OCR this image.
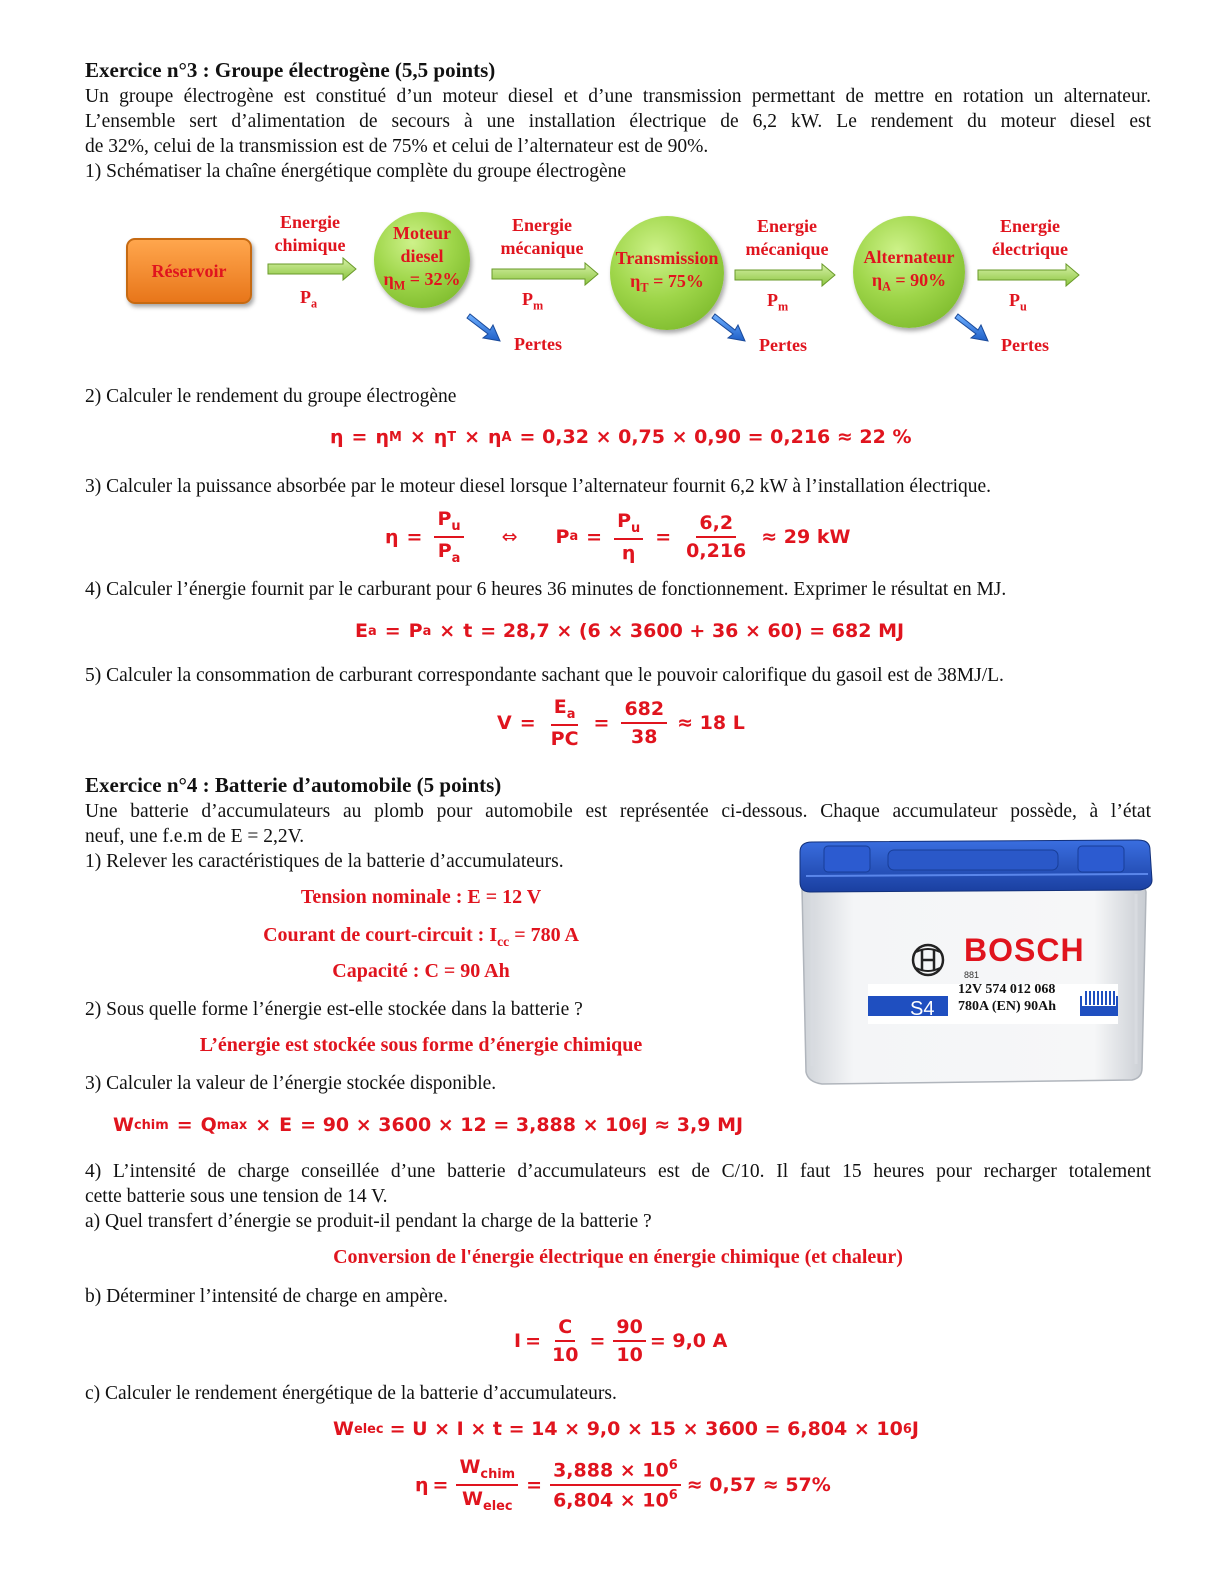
Exercice n°3 : Groupe électrogène (5,5 points)
Un groupe électrogène est constitué d’un moteur diesel et d’une transmission permettant de mettre en rotation un alternateur.
L’ensemble sert d’alimentation de secours à une installation électrique de 6,2 kW. Le rendement du moteur diesel est
de 32%, celui de la transmission est de 75% et celui de l’alternateur est de 90%.
1) Schématiser la chaîne énergétique complète du groupe électrogène
Réservoir
Energie
chimique
$P_a$
Moteur
diesel
$\eta_M = 32\%$
Energie
mécanique
$P_m$
Pertes
Transmission
$\eta_T = 75\%$
Energie
mécanique
$P_m$
Pertes
Alternateur
$\eta_A = 90\%$
Energie
électrique
$P_u$
Pertes
2) Calculer le rendement du groupe électrogène
η = η M × η T × η A = 0,32 × 0,75 × 0,90 = 0,216 ≈ 22 %
3) Calculer la puissance absorbée par le moteur diesel lorsque l’alternateur fournit 6,2 kW à l’installation électrique.
$\eta = \frac{P_u}{P_a}$ ⇔ P $a = \frac{P_u}{\eta} = \frac{6,2}{0,216} \approx 29$ kW
4) Calculer l’énergie fournit par le carburant pour 6 heures 36 minutes de fonctionnement. Exprimer le résultat en MJ.
E a = P a × t = 28,7 × (6 × 3600 + 36 × 60) = 682 MJ
5) Calculer la consommation de carburant correspondante sachant que le pouvoir calorifique du gasoil est de 38MJ/L.
$V = \frac{E_a}{PC} = \frac{682}{38} \approx 18$ L
Exercice n°4 : Batterie d’automobile (5 points)
Une batterie d’accumulateurs au plomb pour automobile est représentée ci-dessous. Chaque accumulateur possède, à l’état
neuf, une f.e.m de E = 2,2V.
1) Relever les caractéristiques de la batterie d’accumulateurs.
Tension nominale : E = 12 V
Courant de court-circuit : $I_{cc} = 780$ A
Capacité : C = 90 Ah
2) Sous quelle forme l’énergie est-elle stockée dans la batterie ?
L’énergie est stockée sous forme d’énergie chimique
3) Calculer la valeur de l’énergie stockée disponible.
W chim = Q max × E = 90 × 3600 × 12 = 3,888 × 10 6 J ≈ 3,9 MJ
BOSCH
881
S4
12V 574 012 068
780A (EN) 90Ah
4) L’intensité de charge conseillée d’une batterie d’accumulateurs est de C/10. Il faut 15 heures pour recharger totalement
cette batterie sous une tension de 14 V.
a) Quel transfert d’énergie se produit-il pendant la charge de la batterie ?
Conversion de l'énergie électrique en énergie chimique (et chaleur)
b) Déterminer l’intensité de charge en ampère.
$I = \frac{C}{10} = \frac{90}{10} = 9,0$ A
c) Calculer le rendement énergétique de la batterie d’accumulateurs.
W elec = U × I × t = 14 × 9,0 × 15 × 3600 = 6,804 × 10 6 J
$\eta = \frac{W_{chim}}{W_{elec}} = \frac{3,888 \times 10^6}{6,804 \times 10^6} \approx 0,57 \approx 57\%$
